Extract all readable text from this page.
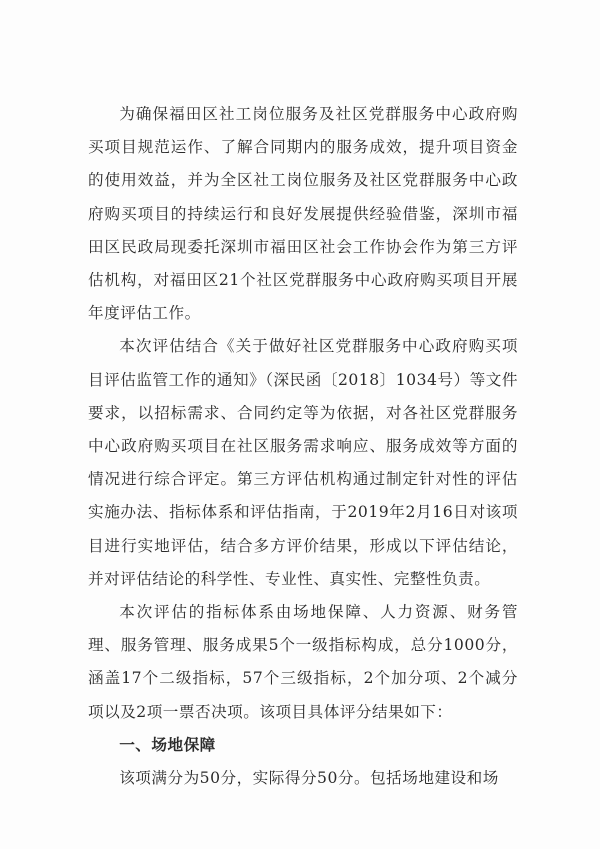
为确保福田区社工岗位服务及社区党群服务中心政府购买项目规范运作、了解合同期内的服务成效，提升项目资金的使用效益，并为全区社工岗位服务及社区党群服务中心政府购买项目的持续运行和良好发展提供经验借鉴，深圳市福田区民政局现委托深圳市福田区社会工作协会作为第三方评估机构，对福田区21个社区党群服务中心政府购买项目开展年度评估工作。

本次评估结合《关于做好社区党群服务中心政府购买项目评估监管工作的通知》（深民函〔2018〕1034号）等文件要求，以招标需求、合同约定等为依据，对各社区党群服务中心政府购买项目在社区服务需求响应、服务成效等方面的情况进行综合评定。第三方评估机构通过制定针对性的评估实施办法、指标体系和评估指南，于2019年2月16日对该项目进行实地评估，结合多方评价结果，形成以下评估结论，并对评估结论的科学性、专业性、真实性、完整性负责。

本次评估的指标体系由场地保障、人力资源、财务管理、服务管理、服务成果5个一级指标构成，总分1000分，涵盖17个二级指标，57个三级指标，2个加分项、2个减分项以及2项一票否决项。该项目具体评分结果如下：

一、场地保障

该项满分为50分，实际得分50分。包括场地建设和场
